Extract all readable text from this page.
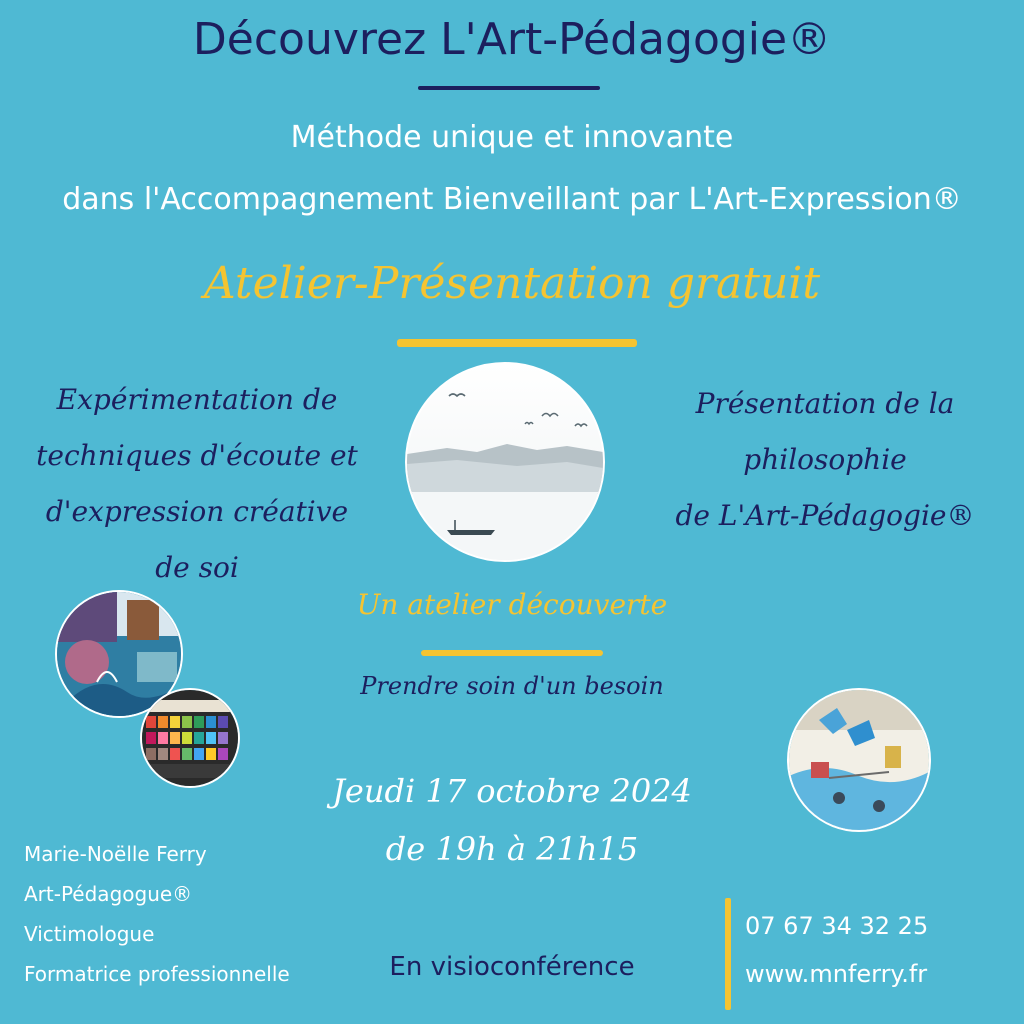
Découvrez L'Art-Pédagogie®
Méthode unique et innovante
dans l'Accompagnement Bienveillant par L'Art-Expression®
Atelier-Présentation gratuit
Expérimentation de
techniques d'écoute et
d'expression créative
de soi
Présentation de la
philosophie
de L'Art-Pédagogie®
Un atelier découverte
Prendre soin d'un besoin
Jeudi 17 octobre 2024
de 19h à 21h15
Marie-Noëlle Ferry
Art-Pédagogue®
Victimologue
Formatrice professionnelle	En visioconférence
07 67 34 32 25
www.mnferry.fr
